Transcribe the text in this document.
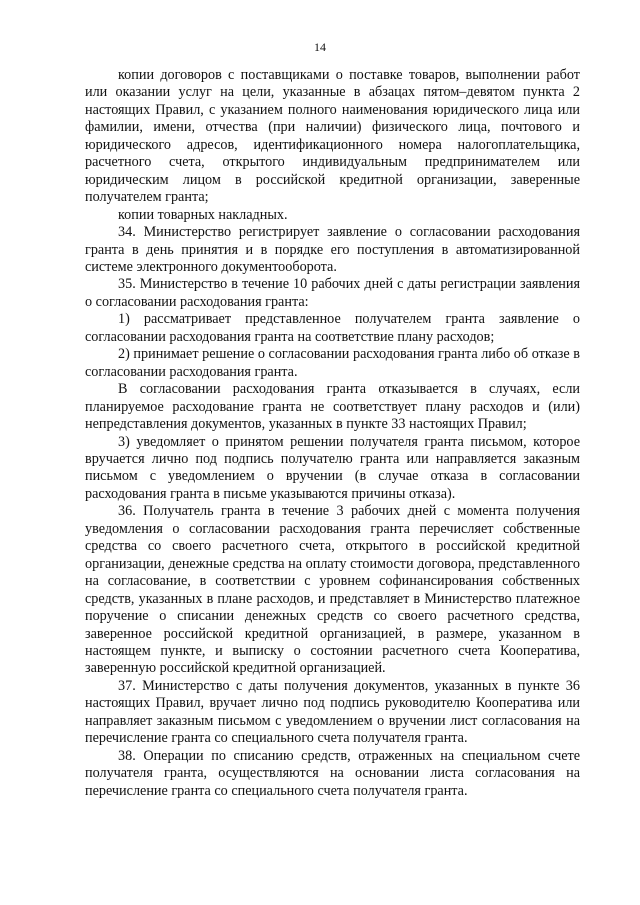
14

копии договоров с поставщиками о поставке товаров, выполнении работ или оказании услуг на цели, указанные в абзацах пятом–девятом пункта 2 настоящих Правил, с указанием полного наименования юридического лица или фамилии, имени, отчества (при наличии) физического лица, почтового и юридического адресов, идентификационного номера налогоплательщика, расчетного счета, открытого индивидуальным предпринимателем или юридическим лицом в российской кредитной организации, заверенные получателем гранта;

копии товарных накладных.

34. Министерство регистрирует заявление о согласовании расходования гранта в день принятия и в порядке его поступления в автоматизированной системе электронного документооборота.

35. Министерство в течение 10 рабочих дней с даты регистрации заявления о согласовании расходования гранта:

1) рассматривает представленное получателем гранта заявление о согласовании расходования гранта на соответствие плану расходов;

2) принимает решение о согласовании расходования гранта либо об отказе в согласовании расходования гранта.

В согласовании расходования гранта отказывается в случаях, если планируемое расходование гранта не соответствует плану расходов и (или) непредставления документов, указанных в пункте 33 настоящих Правил;

3) уведомляет о принятом решении получателя гранта письмом, которое вручается лично под подпись получателю гранта или направляется заказным письмом с уведомлением о вручении (в случае отказа в согласовании расходования гранта в письме указываются причины отказа).

36. Получатель гранта в течение 3 рабочих дней с момента получения уведомления о согласовании расходования гранта перечисляет собственные средства со своего расчетного счета, открытого в российской кредитной организации, денежные средства на оплату стоимости договора, представленного на согласование, в соответствии с уровнем софинансирования собственных средств, указанных в плане расходов, и представляет в Министерство платежное поручение о списании денежных средств со своего расчетного средства, заверенное российской кредитной организацией, в размере, указанном в настоящем пункте, и выписку о состоянии расчетного счета Кооператива, заверенную российской кредитной организацией.

37. Министерство с даты получения документов, указанных в пункте 36 настоящих Правил, вручает лично под подпись руководителю Кооператива или направляет заказным письмом с уведомлением о вручении лист согласования на перечисление гранта со специального счета получателя гранта.

38. Операции по списанию средств, отраженных на специальном счете получателя гранта, осуществляются на основании листа согласования на перечисление гранта со специального счета получателя гранта.
